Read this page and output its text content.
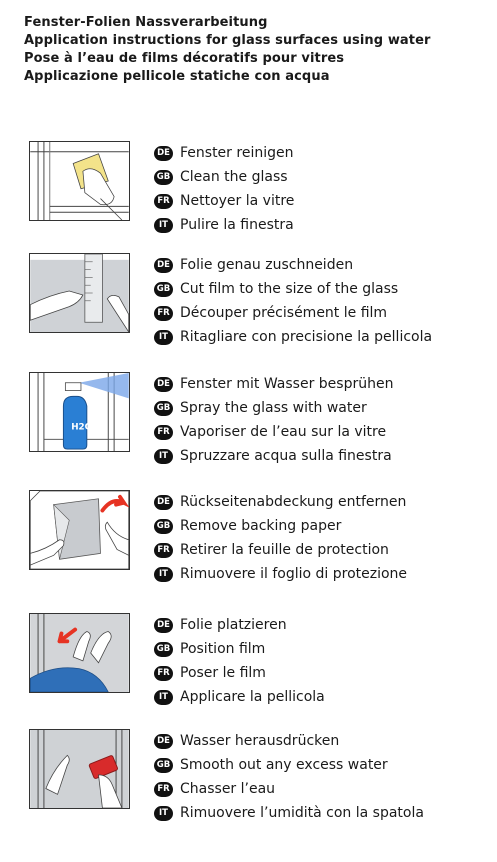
Fenster-Folien Nassverarbeitung
Application instructions for glass surfaces using water
Pose à l’eau de films décoratifs pour vitres
Applicazione pellicole statiche con acqua
DE Fenster reinigen
GB Clean the glass
FR Nettoyer la vitre
IT Pulire la finestra
DE Folie genau zuschneiden
GB Cut film to the size of the glass
FR Découper précisément le film
IT Ritagliare con precisione la pellicola
H2O
DE Fenster mit Wasser besprühen
GB Spray the glass with water
FR Vaporiser de l’eau sur la vitre
IT Spruzzare acqua sulla finestra
DE Rückseitenabdeckung entfernen
GB Remove backing paper
FR Retirer la feuille de protection
IT Rimuovere il foglio di protezione
DE Folie platzieren
GB Position film
FR Poser le film
IT Applicare la pellicola
DE Wasser herausdrücken
GB Smooth out any excess water
FR Chasser l’eau
IT Rimuovere l’umidità con la spatola
